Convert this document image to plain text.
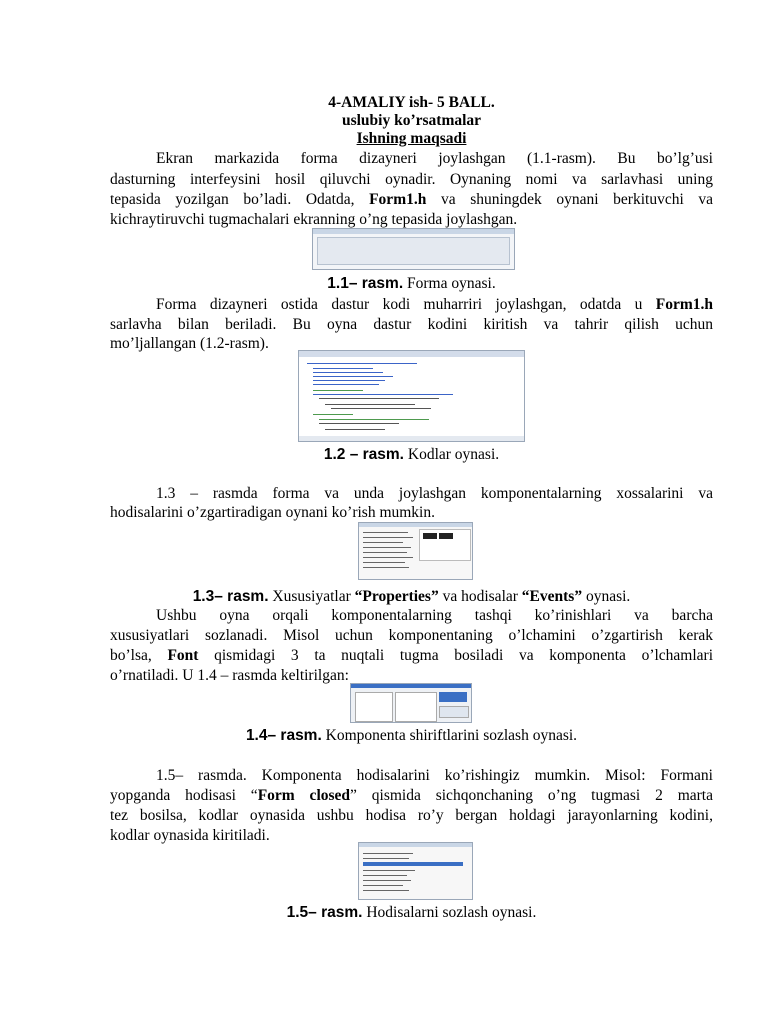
4-AMALIY ish- 5 BALL.
uslubiy ko’rsatmalar
Ishning maqsadi
Ekran markazida forma dizayneri joylashgan (1.1-rasm). Bu bo’lg’usi
dasturning interfeysini hosil qiluvchi oynadir. Oynaning nomi va sarlavhasi uning
tepasida yozilgan bo’ladi. Odatda, Form1.h va shuningdek oynani berkituvchi va
kichraytiruvchi tugmachalari ekranning o’ng tepasida joylashgan.
1.1– rasm. Forma oynasi.
Forma dizayneri ostida dastur kodi muharriri joylashgan, odatda u Form1.h
sarlavha bilan beriladi. Bu oyna dastur kodini kiritish va tahrir qilish uchun
mo’ljallangan (1.2-rasm).
1.2 – rasm. Kodlar oynasi.
1.3 – rasmda forma va unda joylashgan komponentalarning xossalarini va
hodisalarini o’zgartiradigan oynani ko’rish mumkin.
1.3– rasm. Xususiyatlar “Properties” va hodisalar “Events” oynasi.
Ushbu oyna orqali komponentalarning tashqi ko’rinishlari va barcha
xususiyatlari sozlanadi. Misol uchun komponentaning o’lchamini o’zgartirish kerak
bo’lsa, Font qismidagi 3 ta nuqtali tugma bosiladi va komponenta o’lchamlari
o’rnatiladi. U 1.4 – rasmda keltirilgan:
1.4– rasm. Komponenta shiriftlarini sozlash oynasi.
1.5– rasmda. Komponenta hodisalarini ko’rishingiz mumkin. Misol: Formani
yopganda hodisasi “Form closed” qismida sichqonchaning o’ng tugmasi 2 marta
tez bosilsa, kodlar oynasida ushbu hodisa ro’y bergan holdagi jarayonlarning kodini,
kodlar oynasida kiritiladi.
1.5– rasm. Hodisalarni sozlash oynasi.
